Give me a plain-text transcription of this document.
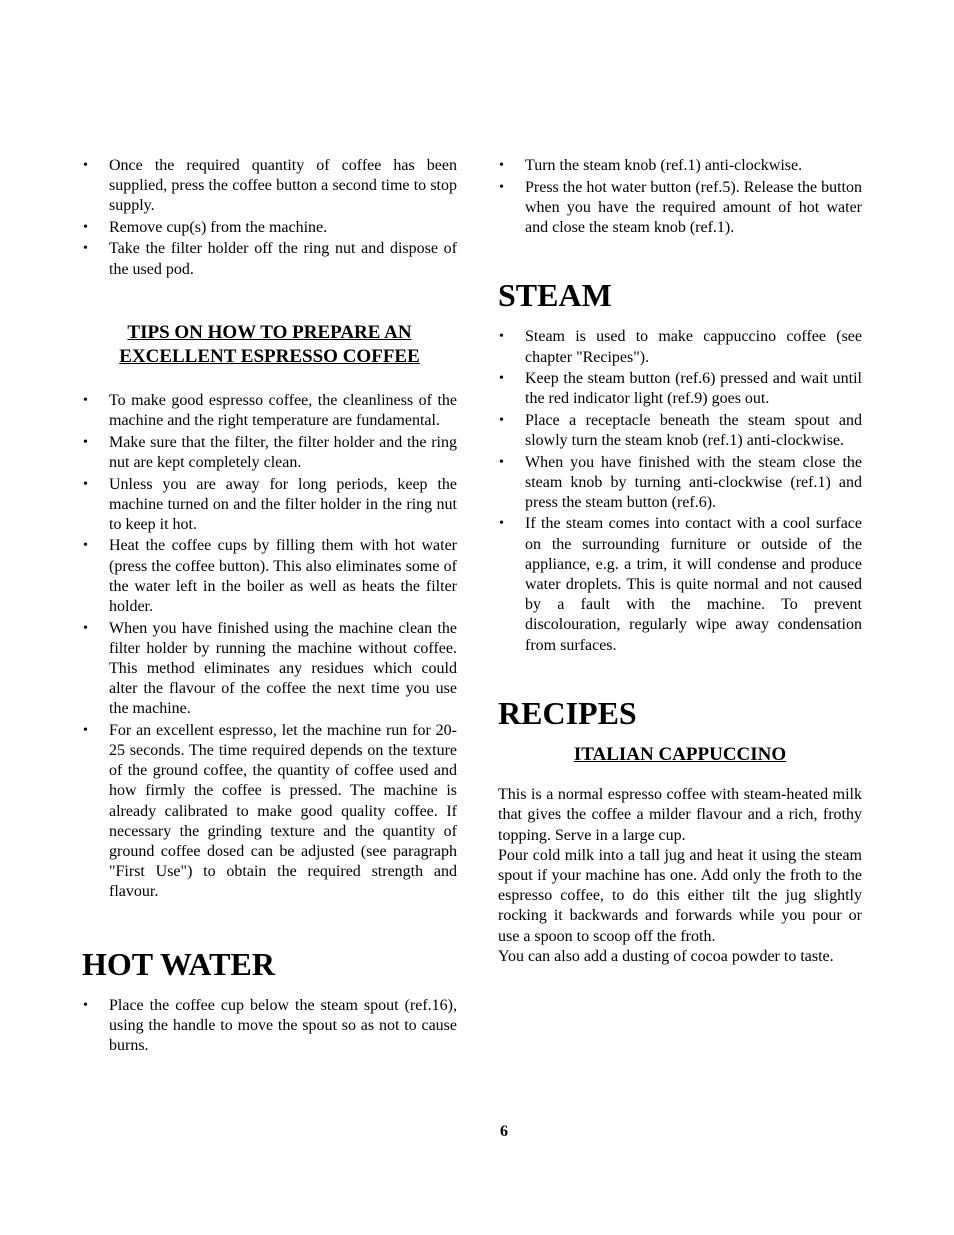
• Once the required quantity of coffee has been supplied, press the coffee button a second time to stop supply.
• Remove cup(s) from the machine.
• Take the filter holder off the ring nut and dispose of the used pod.
TIPS ON HOW TO PREPARE AN
EXCELLENT ESPRESSO COFFEE
• To make good espresso coffee, the cleanliness of the machine and the right temperature are fundamental.
• Make sure that the filter, the filter holder and the ring nut are kept completely clean.
• Unless you are away for long periods, keep the machine turned on and the filter holder in the ring nut to keep it hot.
• Heat the coffee cups by filling them with hot water (press the coffee button). This also eliminates some of the water left in the boiler as well as heats the filter holder.
• When you have finished using the machine clean the filter holder by running the machine without coffee. This method eliminates any residues which could alter the flavour of the coffee the next time you use the machine.
• For an excellent espresso, let the machine run for 20-25 seconds. The time required depends on the texture of the ground coffee, the quantity of coffee used and how firmly the coffee is pressed. The machine is already calibrated to make good quality coffee. If necessary the grinding texture and the quantity of ground coffee dosed can be adjusted (see paragraph "First Use") to obtain the required strength and flavour.
HOT WATER
• Place the coffee cup below the steam spout (ref.16), using the handle to move the spout so as not to cause burns.
• Turn the steam knob (ref.1) anti-clockwise.
• Press the hot water button (ref.5). Release the button when you have the required amount of hot water and close the steam knob (ref.1).
STEAM
• Steam is used to make cappuccino coffee (see chapter "Recipes").
• Keep the steam button (ref.6) pressed and wait until the red indicator light (ref.9) goes out.
• Place a receptacle beneath the steam spout and slowly turn the steam knob (ref.1) anti-clockwise.
• When you have finished with the steam close the steam knob by turning anti-clockwise (ref.1) and press the steam button (ref.6).
• If the steam comes into contact with a cool surface on the surrounding furniture or outside of the appliance, e.g. a trim, it will condense and produce water droplets. This is quite normal and not caused by a fault with the machine. To prevent discolouration, regularly wipe away condensation from surfaces.
RECIPES
ITALIAN CAPPUCCINO

This is a normal espresso coffee with steam-heated milk that gives the coffee a milder flavour and a rich, frothy topping. Serve in a large cup.

Pour cold milk into a tall jug and heat it using the steam spout if your machine has one. Add only the froth to the espresso coffee, to do this either tilt the jug slightly rocking it backwards and forwards while you pour or use a spoon to scoop off the froth.

You can also add a dusting of cocoa powder to taste.

6
